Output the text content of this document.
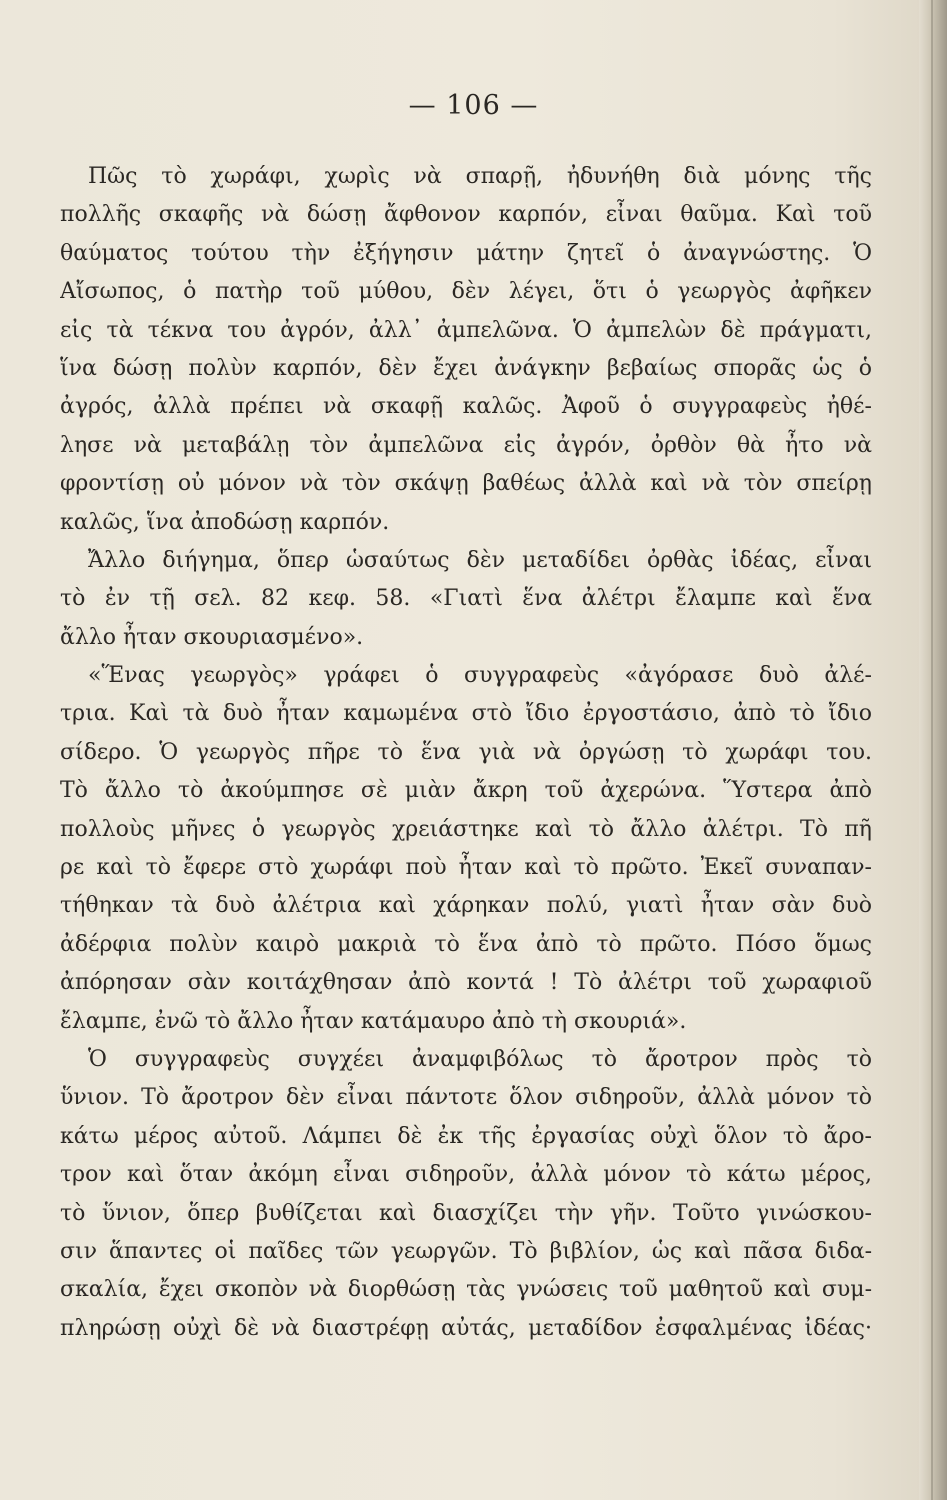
— 106 —
Πῶς τὸ χωράφι, χωρὶς νὰ σπαρῇ, ἠδυνήθη διὰ μόνης τῆς
πολλῆς σκαφῆς νὰ δώσῃ ἄφθονον καρπόν, εἶναι θαῦμα. Καὶ τοῦ
θαύματος τούτου τὴν ἐξήγησιν μάτην ζητεῖ ὁ ἀναγνώστης. Ὁ
Αἴσωπος, ὁ πατὴρ τοῦ μύθου, δὲν λέγει, ὅτι ὁ γεωργὸς ἀφῆκεν
εἰς τὰ τέκνα του ἀγρόν, ἀλλ᾿ ἀμπελῶνα. Ὁ ἀμπελὼν δὲ πράγματι,
ἵνα δώσῃ πολὺν καρπόν, δὲν ἔχει ἀνάγκην βεβαίως σπορᾶς ὡς ὁ
ἀγρός, ἀλλὰ πρέπει νὰ σκαφῇ καλῶς. Ἀφοῦ ὁ συγγραφεὺς ἠθέ-
λησε νὰ μεταβάλῃ τὸν ἀμπελῶνα εἰς ἀγρόν, ὀρθὸν θὰ ἦτο νὰ
φροντίσῃ οὐ μόνον νὰ τὸν σκάψῃ βαθέως ἀλλὰ καὶ νὰ τὸν σπείρῃ
καλῶς, ἵνα ἀποδώσῃ καρπόν.
Ἄλλο διήγημα, ὅπερ ὡσαύτως δὲν μεταδίδει ὀρθὰς ἰδέας, εἶναι
τὸ ἐν τῇ σελ. 82 κεφ. 58. «Γιατὶ ἕνα ἀλέτρι ἔλαμπε καὶ ἕνα
ἄλλο ἦταν σκουριασμένο».
«Ἕνας γεωργὸς» γράφει ὁ συγγραφεὺς «ἀγόρασε δυὸ ἀλέ-
τρια. Καὶ τὰ δυὸ ἦταν καμωμένα στὸ ἴδιο ἐργοστάσιο, ἀπὸ τὸ ἴδιο
σίδερο. Ὁ γεωργὸς πῆρε τὸ ἕνα γιὰ νὰ ὀργώσῃ τὸ χωράφι του.
Τὸ ἄλλο τὸ ἀκούμπησε σὲ μιὰν ἄκρη τοῦ ἀχερώνα. Ὕστερα ἀπὸ
πολλοὺς μῆνες ὁ γεωργὸς χρειάστηκε καὶ τὸ ἄλλο ἀλέτρι. Τὸ πῆ
ρε καὶ τὸ ἔφερε στὸ χωράφι ποὺ ἦταν καὶ τὸ πρῶτο. Ἐκεῖ συναπαν-
τήθηκαν τὰ δυὸ ἀλέτρια καὶ χάρηκαν πολύ, γιατὶ ἦταν σὰν δυὸ
ἀδέρφια πολὺν καιρὸ μακριὰ τὸ ἕνα ἀπὸ τὸ πρῶτο. Πόσο ὅμως
ἀπόρησαν σὰν κοιτάχθησαν ἀπὸ κοντά ! Τὸ ἀλέτρι τοῦ χωραφιοῦ
ἔλαμπε, ἐνῶ τὸ ἄλλο ἦταν κατάμαυρο ἀπὸ τὴ σκουριά».
Ὁ συγγραφεὺς συγχέει ἀναμφιβόλως τὸ ἄροτρον πρὸς τὸ
ὕνιον. Τὸ ἄροτρον δὲν εἶναι πάντοτε ὅλον σιδηροῦν, ἀλλὰ μόνον τὸ
κάτω μέρος αὐτοῦ. Λάμπει δὲ ἐκ τῆς ἐργασίας οὐχὶ ὅλον τὸ ἄρο-
τρον καὶ ὅταν ἀκόμη εἶναι σιδηροῦν, ἀλλὰ μόνον τὸ κάτω μέρος,
τὸ ὕνιον, ὅπερ βυθίζεται καὶ διασχίζει τὴν γῆν. Τοῦτο γινώσκου-
σιν ἅπαντες οἱ παῖδες τῶν γεωργῶν. Τὸ βιβλίον, ὡς καὶ πᾶσα διδα-
σκαλία, ἔχει σκοπὸν νὰ διορθώσῃ τὰς γνώσεις τοῦ μαθητοῦ καὶ συμ-
πληρώσῃ οὐχὶ δὲ νὰ διαστρέφῃ αὐτάς, μεταδίδον ἐσφαλμένας ἰδέας·
